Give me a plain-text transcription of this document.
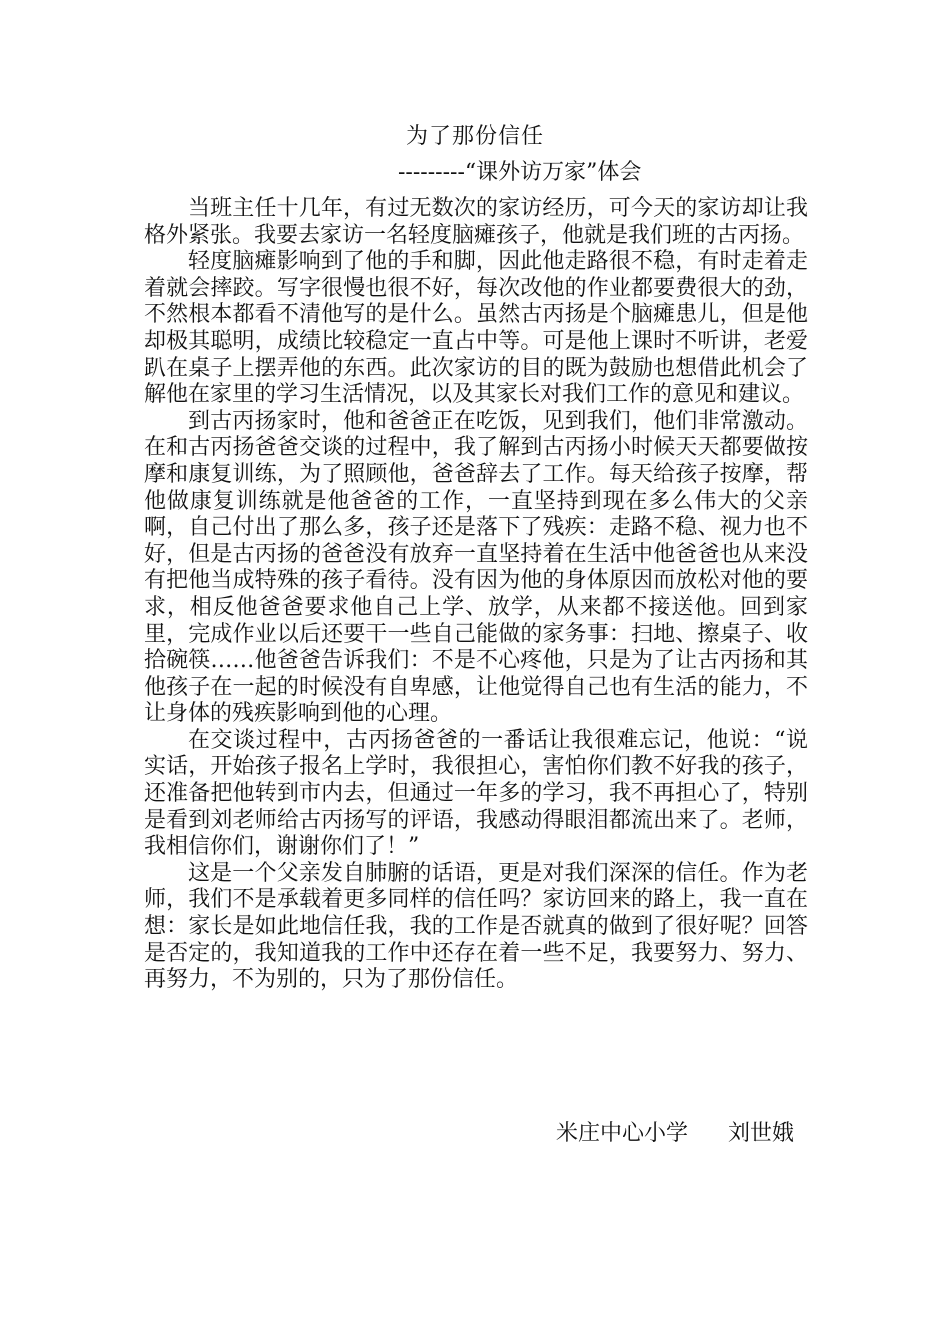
为了那份信任
---------“课外访万家”体会

当班主任十几年，有过无数次的家访经历，可今天的家访却让我格外紧张。我要去家访一名轻度脑瘫孩子，他就是我们班的古丙扬。

轻度脑瘫影响到了他的手和脚，因此他走路很不稳，有时走着走着就会摔跤。写字很慢也很不好，每次改他的作业都要费很大的劲，不然根本都看不清他写的是什么。虽然古丙扬是个脑瘫患儿，但是他却极其聪明，成绩比较稳定一直占中等。可是他上课时不听讲，老爱趴在桌子上摆弄他的东西。此次家访的目的既为鼓励也想借此机会了解他在家里的学习生活情况，以及其家长对我们工作的意见和建议。

到古丙扬家时，他和爸爸正在吃饭，见到我们，他们非常激动。在和古丙扬爸爸交谈的过程中，我了解到古丙扬小时候天天都要做按摩和康复训练，为了照顾他，爸爸辞去了工作。每天给孩子按摩，帮他做康复训练就是他爸爸的工作，一直坚持到现在多么伟大的父亲啊，自己付出了那么多，孩子还是落下了残疾：走路不稳、视力也不好，但是古丙扬的爸爸没有放弃一直坚持着在生活中他爸爸也从来没有把他当成特殊的孩子看待。没有因为他的身体原因而放松对他的要求，相反他爸爸要求他自己上学、放学，从来都不接送他。回到家里，完成作业以后还要干一些自己能做的家务事：扫地、擦桌子、收拾碗筷……他爸爸告诉我们：不是不心疼他，只是为了让古丙扬和其他孩子在一起的时候没有自卑感，让他觉得自己也有生活的能力，不让身体的残疾影响到他的心理。

在交谈过程中，古丙扬爸爸的一番话让我很难忘记，他说：“说实话，开始孩子报名上学时，我很担心，害怕你们教不好我的孩子，还准备把他转到市内去，但通过一年多的学习，我不再担心了，特别是看到刘老师给古丙扬写的评语，我感动得眼泪都流出来了。老师，我相信你们，谢谢你们了！”

这是一个父亲发自肺腑的话语，更是对我们深深的信任。作为老师，我们不是承载着更多同样的信任吗？家访回来的路上，我一直在想：家长是如此地信任我，我的工作是否就真的做到了很好呢？回答是否定的，我知道我的工作中还存在着一些不足，我要努力、努力、再努力，不为别的，只为了那份信任。

米庄中心小学 刘世娥
